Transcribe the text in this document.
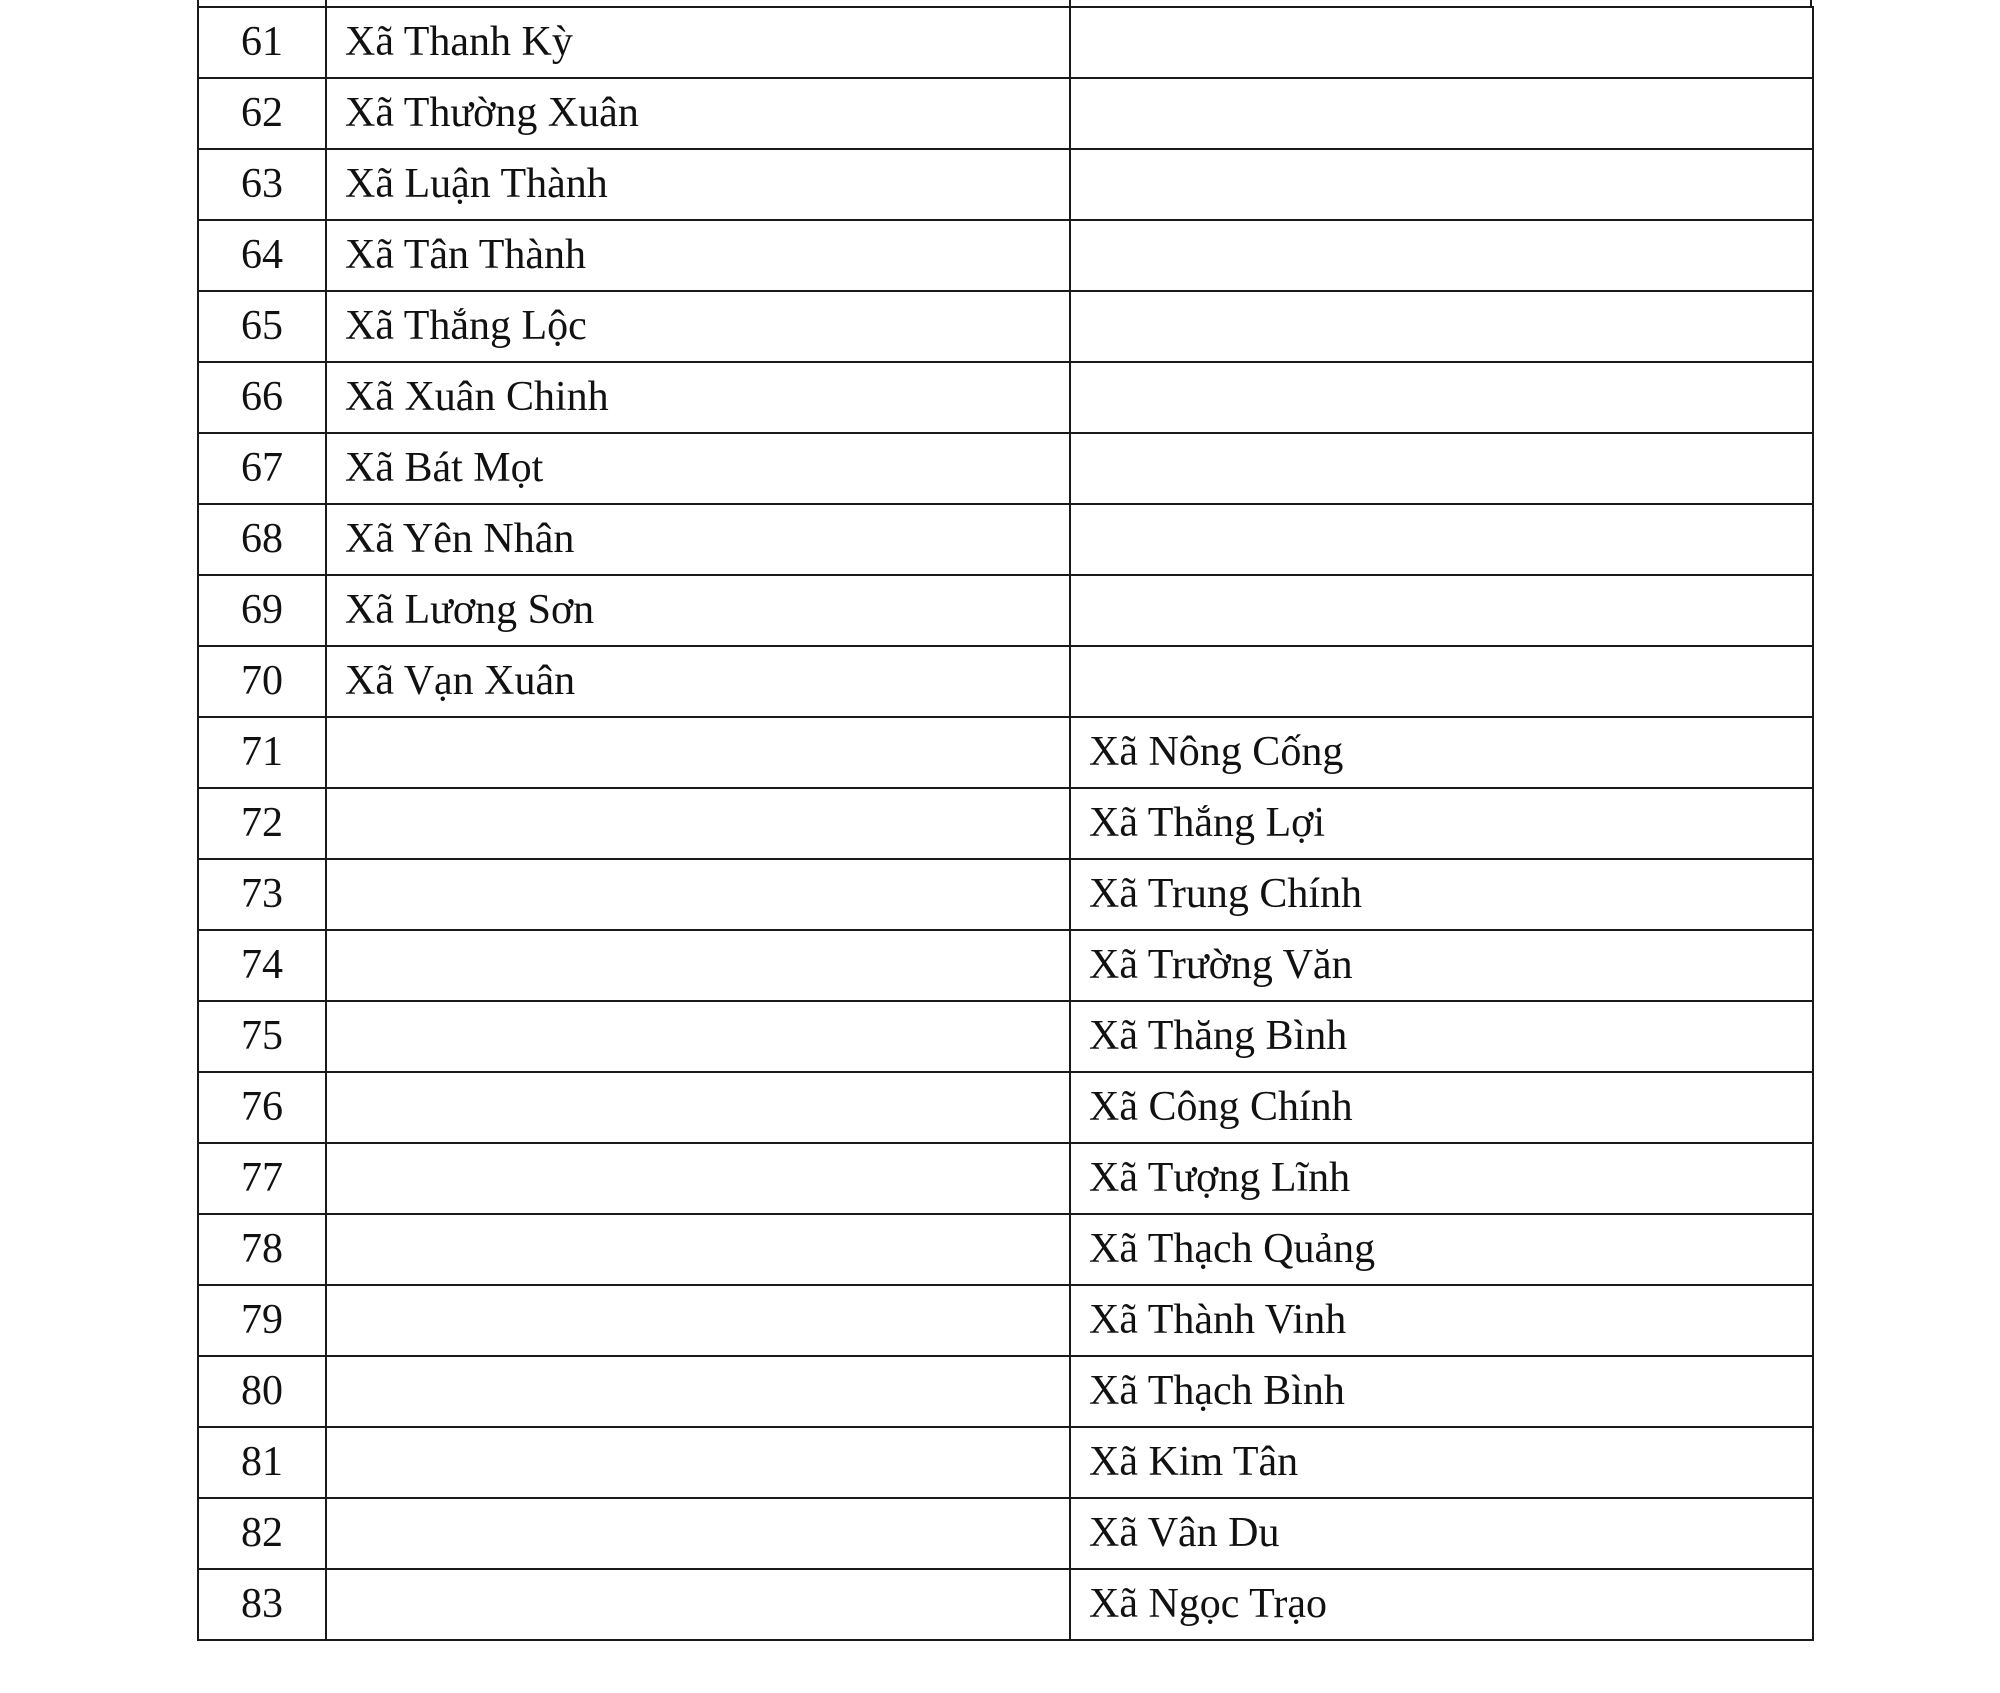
61	Xã Thanh Kỳ	
62	Xã Thường Xuân	
63	Xã Luận Thành	
64	Xã Tân Thành	
65	Xã Thắng Lộc	
66	Xã Xuân Chinh	
67	Xã Bát Mọt	
68	Xã Yên Nhân	
69	Xã Lương Sơn	
70	Xã Vạn Xuân	
71		Xã Nông Cống
72		Xã Thắng Lợi
73		Xã Trung Chính
74		Xã Trường Văn
75		Xã Thăng Bình
76		Xã Công Chính
77		Xã Tượng Lĩnh
78		Xã Thạch Quảng
79		Xã Thành Vinh
80		Xã Thạch Bình
81		Xã Kim Tân
82		Xã Vân Du
83		Xã Ngọc Trạo
